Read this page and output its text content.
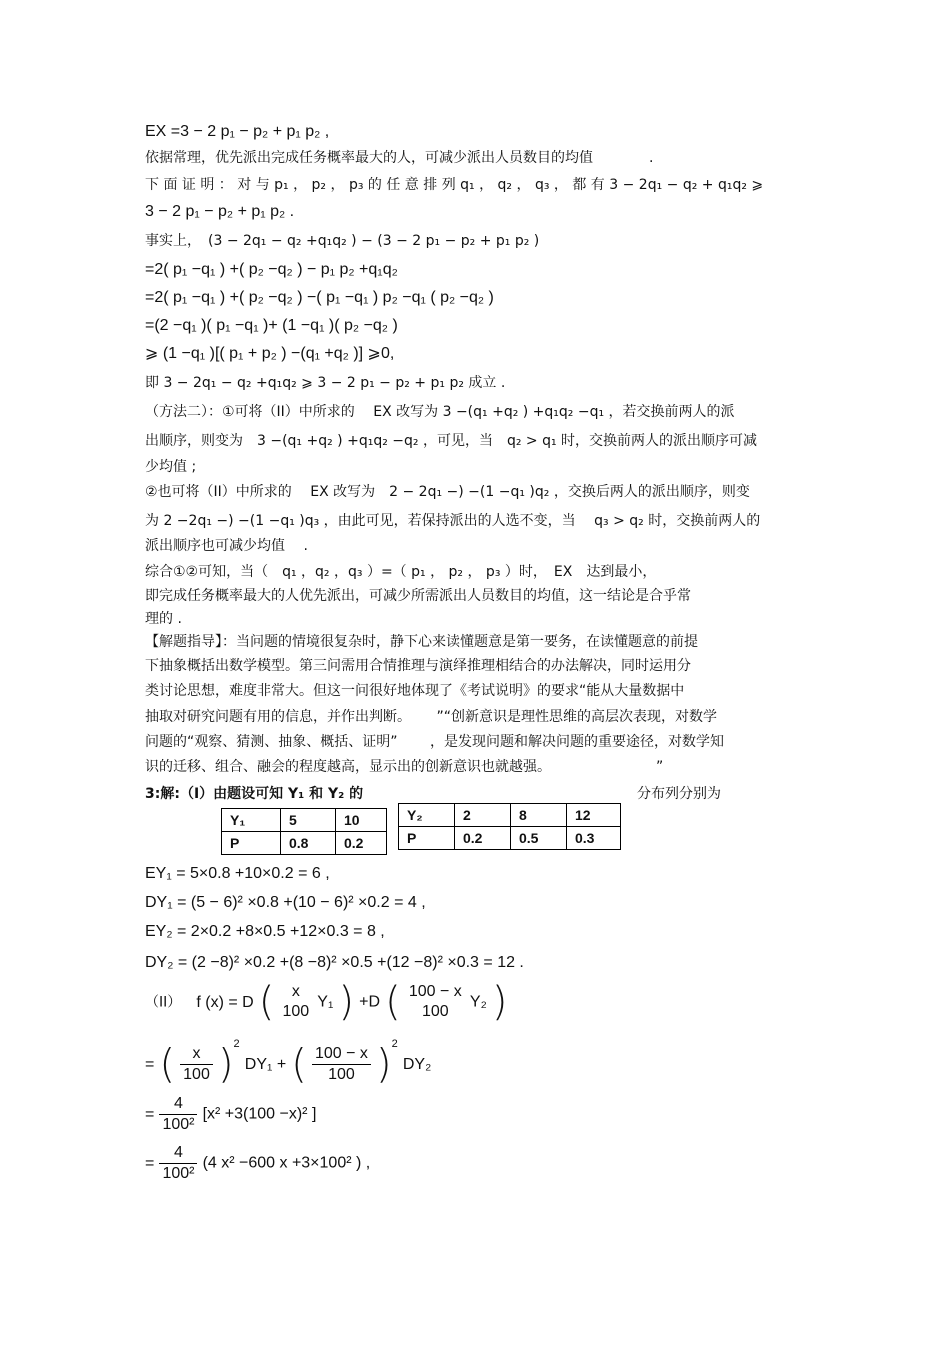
EX =3 − 2 p₁ − p₂ + p₁ p₂ ,
依据常理，优先派出完成任务概率最大的人，可减少派出人员数目的均值　　　　.
下 面 证 明 ： 对 与 p₁ ， p₂ ， p₃ 的 任 意 排 列 q₁ ， q₂ ， q₃ ， 都 有 3 − 2q₁ − q₂ + q₁q₂ ⩾
3 − 2 p₁ − p₂ + p₁ p₂ .
事实上，　(3 − 2q₁ − q₂ +q₁q₂ ) − (3 − 2 p₁ − p₂ + p₁ p₂ )
=2( p₁ −q₁ ) +( p₂ −q₂ ) − p₁ p₂ +q₁q₂
=2( p₁ −q₁ ) +( p₂ −q₂ ) −( p₁ −q₁ ) p₂ −q₁ ( p₂ −q₂ )
=(2 −q₁ )( p₁ −q₁ )+ (1 −q₁ )( p₂ −q₂ )
⩾ (1 −q₁ )[( p₁ + p₂ ) −(q₁ +q₂ )] ⩾0,
即 3 − 2q₁ − q₂ +q₁q₂ ⩾ 3 − 2 p₁ − p₂ + p₁ p₂ 成立 .
（方法二）：①可将（II）中所求的　 EX 改写为 3 −(q₁ +q₂ ) +q₁q₂ −q₁ ，若交换前两人的派
出顺序，则变为　3 −(q₁ +q₂ ) +q₁q₂ −q₂ ，可见，当　q₂ > q₁ 时，交换前两人的派出顺序可减
少均值 ;
②也可将（II）中所求的　 EX 改写为　2 − 2q₁ −) −(1 −q₁ )q₂ ，交换后两人的派出顺序，则变
为 2 −2q₁ −) −(1 −q₁ )q₃ ，由此可见，若保持派出的人选不变，当　 q₃ > q₂ 时，交换前两人的
派出顺序也可减少均值　 .
综合①②可知，当（　q₁ ，q₂ ，q₃ ）=（ p₁ ， p₂ ， p₃ ）时，　EX　达到最小，
即完成任务概率最大的人优先派出，可减少所需派出人员数目的均值，这一结论是合乎常
理的 .
【解题指导】：当问题的情境很复杂时，静下心来读懂题意是第一要务，在读懂题意的前提
下抽象概括出数学模型。第三问需用合情推理与演绎推理相结合的办法解决，同时运用分
类讨论思想，难度非常大。但这一问很好地体现了《考试说明》的要求“能从大量数据中
抽取对研究问题有用的信息，并作出判断。　　 ”“创新意识是理性思维的高层次表现，对数学
问题的“观察、猜测、抽象、概括、证明”　　 ，是发现问题和解决问题的重要途径，对数学知
识的迁移、组合、融会的程度越高，显示出的创新意识也就越强。　　　　　　　　”
3:解:（I）由题设可知 Y₁ 和 Y₂ 的	分布列分别为
Y₁	5	10
P	0.8	0.2
Y₂	2	8	12
P	0.2	0.5	0.3
EY₁ = 5×0.8 +10×0.2 = 6 ,
DY₁ = (5 − 6)² ×0.8 +(10 − 6)² ×0.2 = 4 ,
EY₂ = 2×0.2 +8×0.5 +12×0.3 = 8 ,
DY₂ = (2 −8)² ×0.2 +(8 −8)² ×0.5 +(12 −8)² ×0.3 = 12 .
（II） f (x) = D (	x
100
Y₁ ) +D ( 100 − x
100
Y₂ )
= ( $\frac{x}{100} )^2$ DY₁ + ( $\frac{100 - x}{100} )^2$ DY₂
= $\frac{4}{\text{100²}} [x^2 +3(100 -x)^2$ ]
= $\frac{4}{\text{100²}} (4$ x² −600 x +3×100² ) ,
